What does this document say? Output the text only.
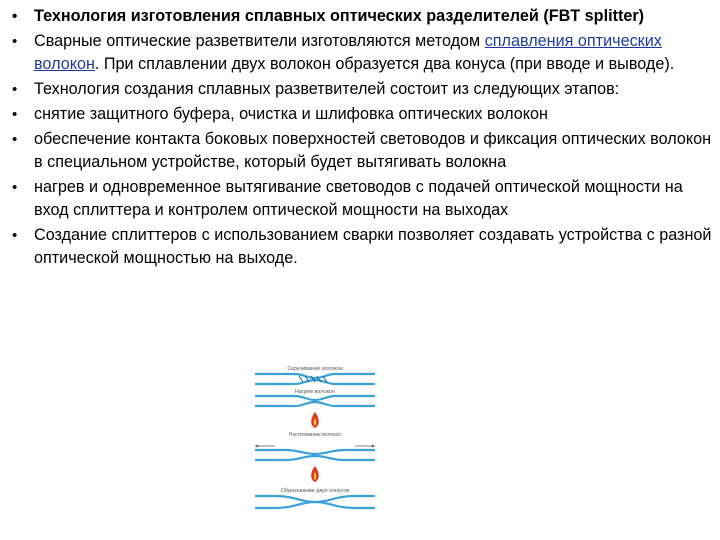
• Технология изготовления сплавных оптических разделителей (FBT splitter)
• Сварные оптические разветвители изготовляются методом сплавления оптических волокон. При сплавлении двух волокон образуется два конуса (при вводе и выводе).
• Технология создания сплавных разветвителей состоит из следующих этапов:
• снятие защитного буфера, очистка и шлифовка оптических волокон
• обеспечение контакта боковых поверхностей световодов и фиксация оптических волокон в специальном устройстве, который будет вытягивать волокна
• нагрев и одновременное вытягивание световодов с подачей оптической мощности на вход сплиттера и контролем оптической мощности на выходах
• Создание сплиттеров с использованием сварки позволяет создавать устройства с разной оптической мощностью на выходе.
Скручивание волокон
Нагрев волокон
Растягивание волокон
Образование двух конусов
